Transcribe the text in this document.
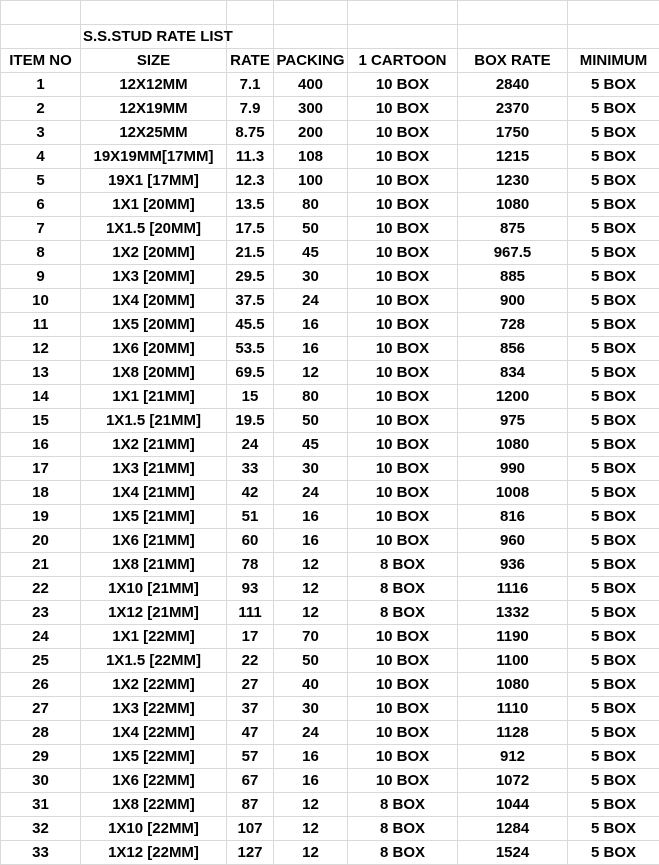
	S.S.STUD RATE LIST					
ITEM NO	SIZE	RATE	PACKING	1 CARTOON	BOX RATE	MINIMUM
1	12X12MM	7.1	400	10 BOX	2840	5 BOX
2	12X19MM	7.9	300	10 BOX	2370	5 BOX
3	12X25MM	8.75	200	10 BOX	1750	5 BOX
4	19X19MM[17MM]	11.3	108	10 BOX	1215	5 BOX
5	19X1 [17MM]	12.3	100	10 BOX	1230	5 BOX
6	1X1 [20MM]	13.5	80	10 BOX	1080	5 BOX
7	1X1.5 [20MM]	17.5	50	10 BOX	875	5 BOX
8	1X2 [20MM]	21.5	45	10 BOX	967.5	5 BOX
9	1X3 [20MM]	29.5	30	10 BOX	885	5 BOX
10	1X4 [20MM]	37.5	24	10 BOX	900	5 BOX
11	1X5 [20MM]	45.5	16	10 BOX	728	5 BOX
12	1X6 [20MM]	53.5	16	10 BOX	856	5 BOX
13	1X8 [20MM]	69.5	12	10 BOX	834	5 BOX
14	1X1 [21MM]	15	80	10 BOX	1200	5 BOX
15	1X1.5 [21MM]	19.5	50	10 BOX	975	5 BOX
16	1X2 [21MM]	24	45	10 BOX	1080	5 BOX
17	1X3 [21MM]	33	30	10 BOX	990	5 BOX
18	1X4 [21MM]	42	24	10 BOX	1008	5 BOX
19	1X5 [21MM]	51	16	10 BOX	816	5 BOX
20	1X6 [21MM]	60	16	10 BOX	960	5 BOX
21	1X8 [21MM]	78	12	8 BOX	936	5 BOX
22	1X10 [21MM]	93	12	8 BOX	1116	5 BOX
23	1X12 [21MM]	111	12	8 BOX	1332	5 BOX
24	1X1 [22MM]	17	70	10 BOX	1190	5 BOX
25	1X1.5 [22MM]	22	50	10 BOX	1100	5 BOX
26	1X2 [22MM]	27	40	10 BOX	1080	5 BOX
27	1X3 [22MM]	37	30	10 BOX	1110	5 BOX
28	1X4 [22MM]	47	24	10 BOX	1128	5 BOX
29	1X5 [22MM]	57	16	10 BOX	912	5 BOX
30	1X6 [22MM]	67	16	10 BOX	1072	5 BOX
31	1X8 [22MM]	87	12	8 BOX	1044	5 BOX
32	1X10 [22MM]	107	12	8 BOX	1284	5 BOX
33	1X12 [22MM]	127	12	8 BOX	1524	5 BOX
